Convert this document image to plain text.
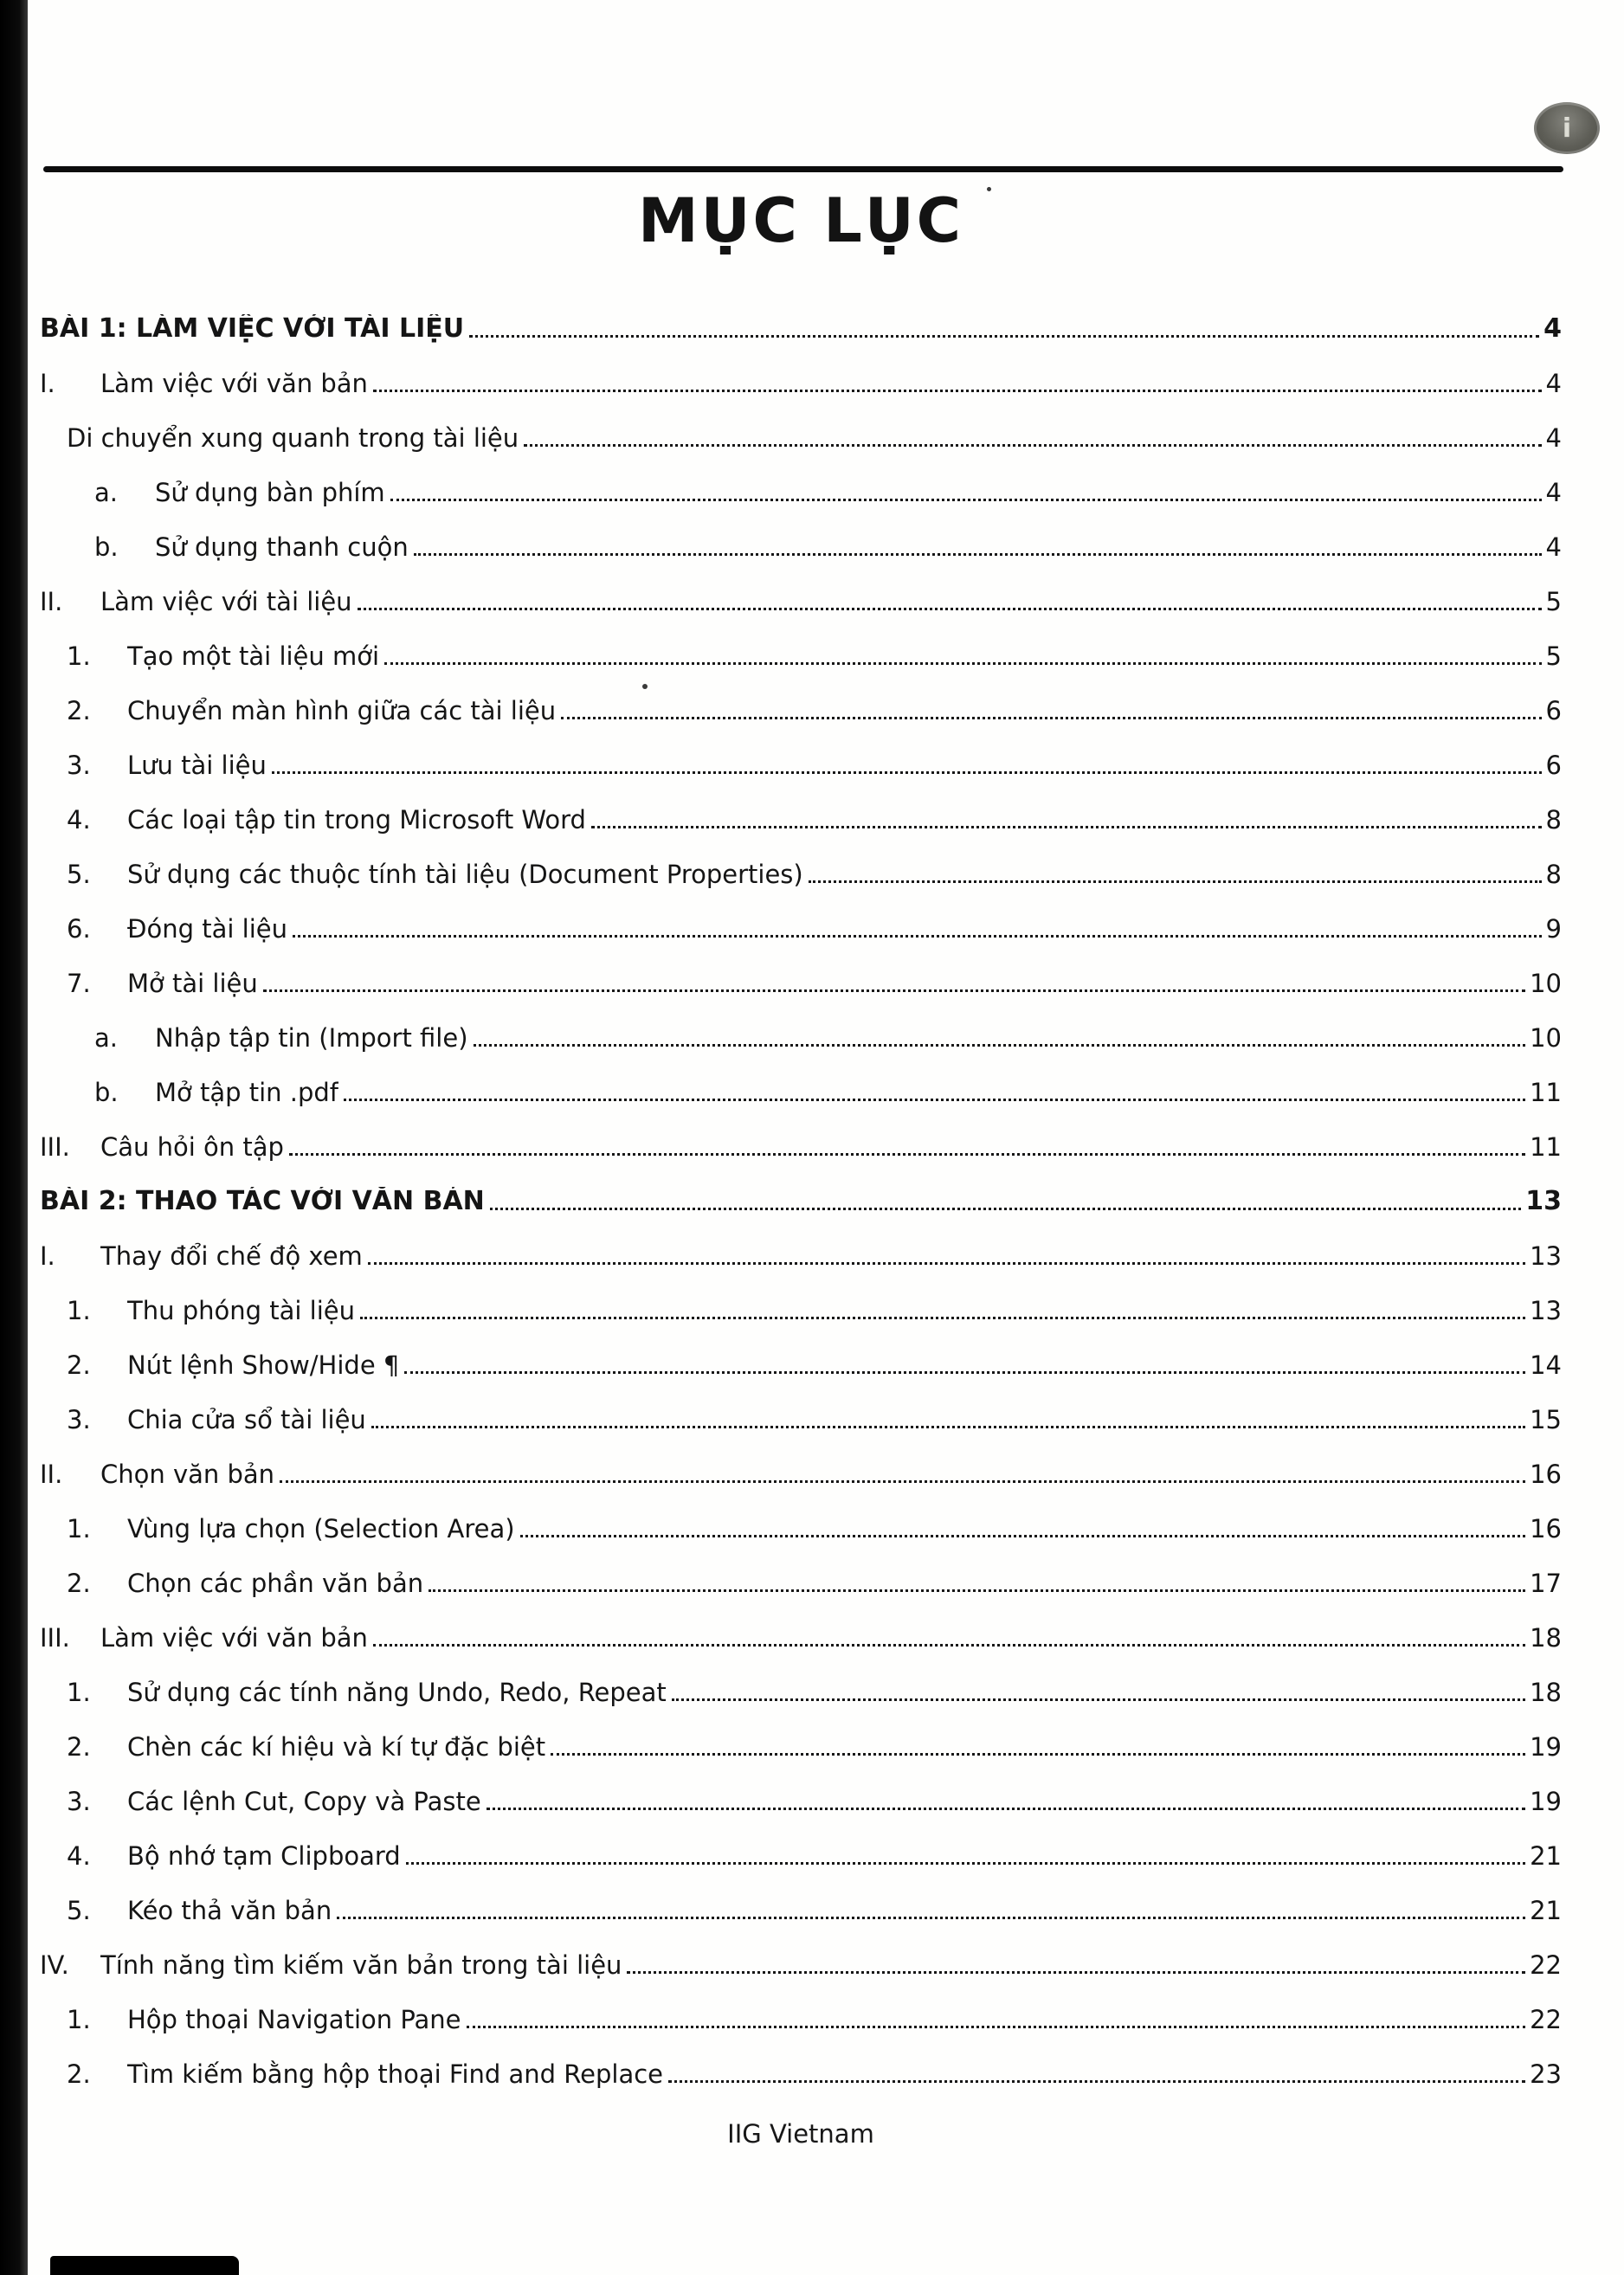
i
MỤC LỤC
BÀI 1: LÀM VIỆC VỚI TÀI LIỆU	4
I.	Làm việc với văn bản	4
Di chuyển xung quanh trong tài liệu	4
a.	Sử dụng bàn phím	4
b.	Sử dụng thanh cuộn	4
II.	Làm việc với tài liệu	5
1.	Tạo một tài liệu mới	5
2.	Chuyển màn hình giữa các tài liệu	6
3.	Lưu tài liệu	6
4.	Các loại tập tin trong Microsoft Word	8
5.	Sử dụng các thuộc tính tài liệu (Document Properties)	8
6.	Đóng tài liệu	9
7.	Mở tài liệu	10
a.	Nhập tập tin (Import file)	10
b.	Mở tập tin .pdf	11
III.	Câu hỏi ôn tập	11
BÀI 2: THAO TÁC VỚI VĂN BẢN	13
I.	Thay đổi chế độ xem	13
1.	Thu phóng tài liệu	13
2.	Nút lệnh Show/Hide ¶	14
3.	Chia cửa sổ tài liệu	15
II.	Chọn văn bản	16
1.	Vùng lựa chọn (Selection Area)	16
2.	Chọn các phần văn bản	17
III.	Làm việc với văn bản	18
1.	Sử dụng các tính năng Undo, Redo, Repeat	18
2.	Chèn các kí hiệu và kí tự đặc biệt	19
3.	Các lệnh Cut, Copy và Paste	19
4.	Bộ nhớ tạm Clipboard	21
5.	Kéo thả văn bản	21
IV.	Tính năng tìm kiếm văn bản trong tài liệu	22
1.	Hộp thoại Navigation Pane	22
2.	Tìm kiếm bằng hộp thoại Find and Replace	23
IIG Vietnam
